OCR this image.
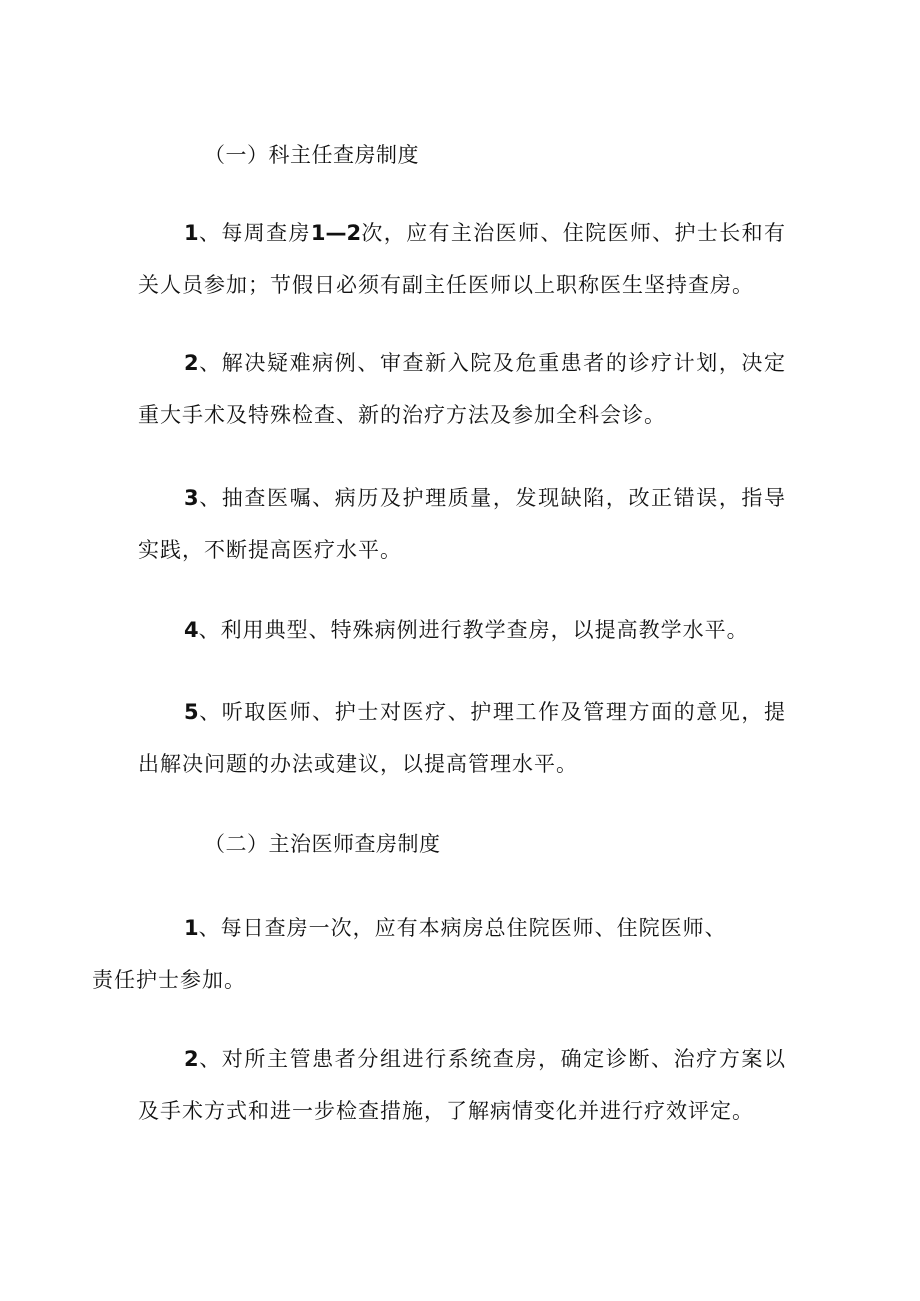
（一）科主任查房制度
1、每周查房1—2次，应有主治医师、住院医师、护士长和有关人员参加；节假日必须有副主任医师以上职称医生坚持查房。
2、解决疑难病例、审查新入院及危重患者的诊疗计划，决定重大手术及特殊检查、新的治疗方法及参加全科会诊。
3、抽查医嘱、病历及护理质量，发现缺陷，改正错误，指导实践，不断提高医疗水平。
4、利用典型、特殊病例进行教学查房，以提高教学水平。
5、听取医师、护士对医疗、护理工作及管理方面的意见，提出解决问题的办法或建议，以提高管理水平。
（二）主治医师查房制度
1、每日查房一次，应有本病房总住院医师、住院医师、
责任护士参加。
2、对所主管患者分组进行系统查房，确定诊断、治疗方案以及手术方式和进一步检查措施，了解病情变化并进行疗效评定。
